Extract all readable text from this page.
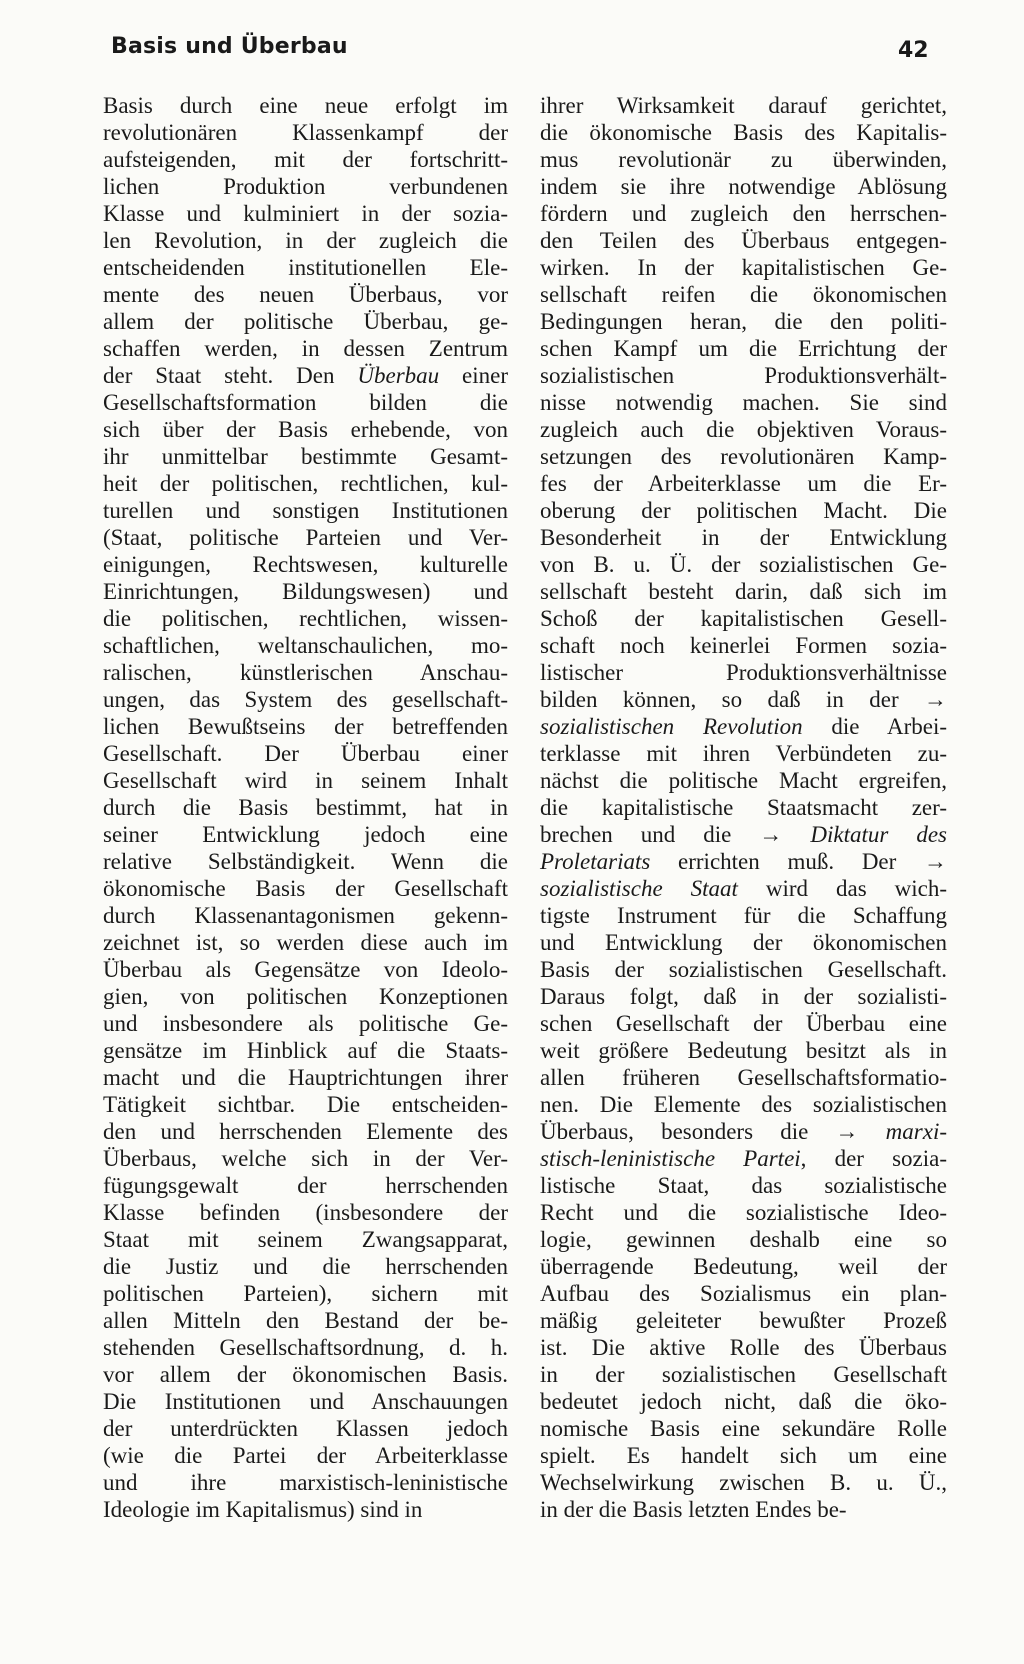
Basis und Überbau	42
Basis durch eine neue erfolgt im
revolutionären Klassenkampf der
aufsteigenden, mit der fortschritt-
lichen Produktion verbundenen
Klasse und kulminiert in der sozia-
len Revolution, in der zugleich die
entscheidenden institutionellen Ele-
mente des neuen Überbaus, vor
allem der politische Überbau, ge-
schaffen werden, in dessen Zentrum
der Staat steht. Den Überbau einer
Gesellschaftsformation bilden die
sich über der Basis erhebende, von
ihr unmittelbar bestimmte Gesamt-
heit der politischen, rechtlichen, kul-
turellen und sonstigen Institutionen
(Staat, politische Parteien und Ver-
einigungen, Rechtswesen, kulturelle
Einrichtungen, Bildungswesen) und
die politischen, rechtlichen, wissen-
schaftlichen, weltanschaulichen, mo-
ralischen, künstlerischen Anschau-
ungen, das System des gesellschaft-
lichen Bewußtseins der betreffenden
Gesellschaft. Der Überbau einer
Gesellschaft wird in seinem Inhalt
durch die Basis bestimmt, hat in
seiner Entwicklung jedoch eine
relative Selbständigkeit. Wenn die
ökonomische Basis der Gesellschaft
durch Klassenantagonismen gekenn-
zeichnet ist, so werden diese auch im
Überbau als Gegensätze von Ideolo-
gien, von politischen Konzeptionen
und insbesondere als politische Ge-
gensätze im Hinblick auf die Staats-
macht und die Hauptrichtungen ihrer
Tätigkeit sichtbar. Die entscheiden-
den und herrschenden Elemente des
Überbaus, welche sich in der Ver-
fügungsgewalt der herrschenden
Klasse befinden (insbesondere der
Staat mit seinem Zwangsapparat,
die Justiz und die herrschenden
politischen Parteien), sichern mit
allen Mitteln den Bestand der be-
stehenden Gesellschaftsordnung, d. h.
vor allem der ökonomischen Basis.
Die Institutionen und Anschauungen
der unterdrückten Klassen jedoch
(wie die Partei der Arbeiterklasse
und ihre marxistisch-leninistische
Ideologie im Kapitalismus) sind in
ihrer Wirksamkeit darauf gerichtet,
die ökonomische Basis des Kapitalis-
mus revolutionär zu überwinden,
indem sie ihre notwendige Ablösung
fördern und zugleich den herrschen-
den Teilen des Überbaus entgegen-
wirken. In der kapitalistischen Ge-
sellschaft reifen die ökonomischen
Bedingungen heran, die den politi-
schen Kampf um die Errichtung der
sozialistischen Produktionsverhält-
nisse notwendig machen. Sie sind
zugleich auch die objektiven Voraus-
setzungen des revolutionären Kamp-
fes der Arbeiterklasse um die Er-
oberung der politischen Macht. Die
Besonderheit in der Entwicklung
von B. u. Ü. der sozialistischen Ge-
sellschaft besteht darin, daß sich im
Schoß der kapitalistischen Gesell-
schaft noch keinerlei Formen sozia-
listischer Produktionsverhältnisse
bilden können, so daß in der →
sozialistischen Revolution die Arbei-
terklasse mit ihren Verbündeten zu-
nächst die politische Macht ergreifen,
die kapitalistische Staatsmacht zer-
brechen und die → Diktatur des
Proletariats errichten muß. Der →
sozialistische Staat wird das wich-
tigste Instrument für die Schaffung
und Entwicklung der ökonomischen
Basis der sozialistischen Gesellschaft.
Daraus folgt, daß in der sozialisti-
schen Gesellschaft der Überbau eine
weit größere Bedeutung besitzt als in
allen früheren Gesellschaftsformatio-
nen. Die Elemente des sozialistischen
Überbaus, besonders die → marxi-
stisch-leninistische Partei, der sozia-
listische Staat, das sozialistische
Recht und die sozialistische Ideo-
logie, gewinnen deshalb eine so
überragende Bedeutung, weil der
Aufbau des Sozialismus ein plan-
mäßig geleiteter bewußter Prozeß
ist. Die aktive Rolle des Überbaus
in der sozialistischen Gesellschaft
bedeutet jedoch nicht, daß die öko-
nomische Basis eine sekundäre Rolle
spielt. Es handelt sich um eine
Wechselwirkung zwischen B. u. Ü.,
in der die Basis letzten Endes be-
